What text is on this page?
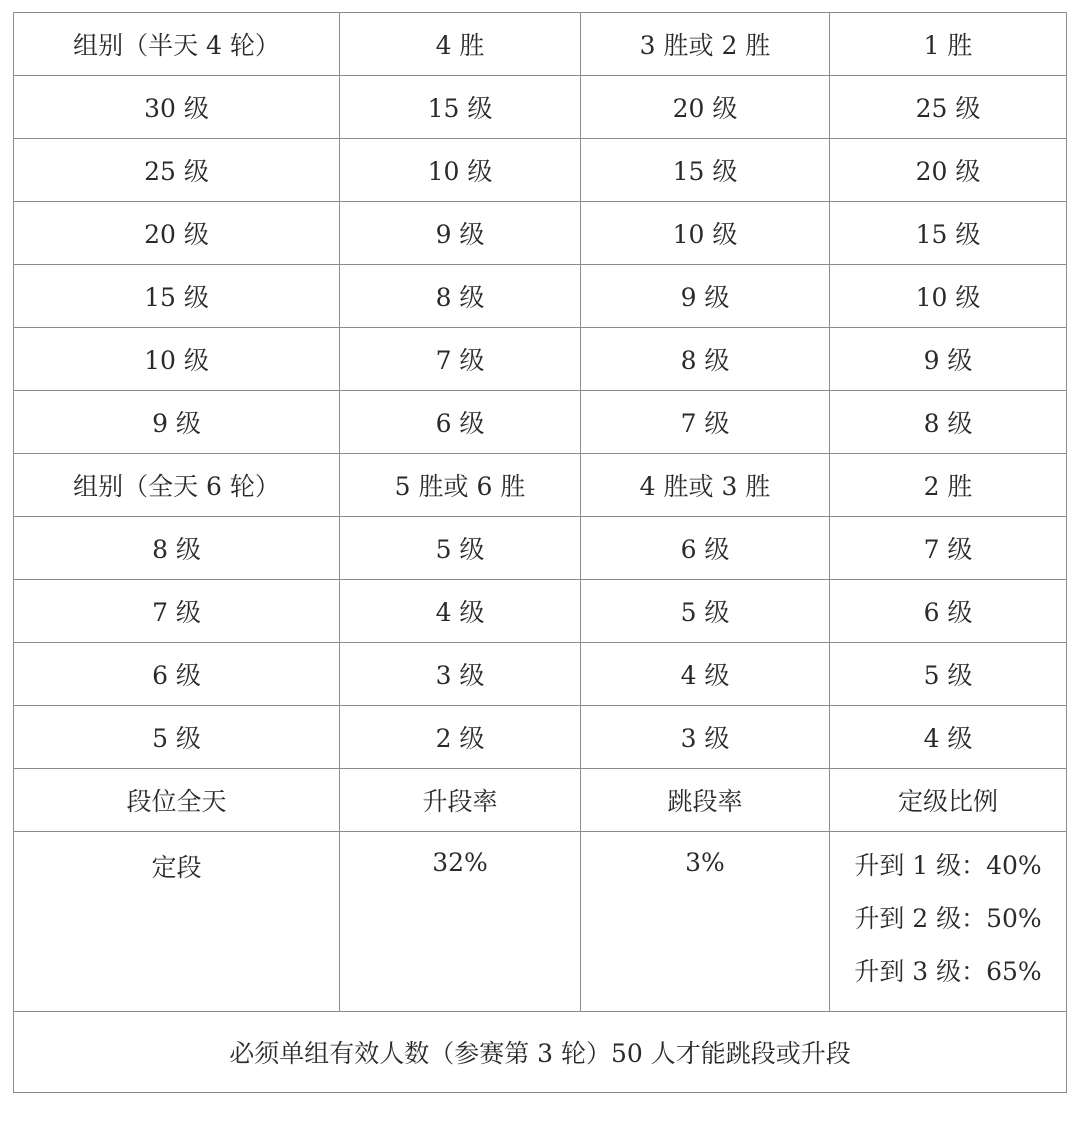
组别（半天 4 轮）	4 胜	3 胜或 2 胜	1 胜
30 级	15 级	20 级	25 级
25 级	10 级	15 级	20 级
20 级	9 级	10 级	15 级
15 级	8 级	9 级	10 级
10 级	7 级	8 级	9 级
9 级	6 级	7 级	8 级
组别（全天 6 轮）	5 胜或 6 胜	4 胜或 3 胜	2 胜
8 级	5 级	6 级	7 级
7 级	4 级	5 级	6 级
6 级	3 级	4 级	5 级
5 级	2 级	3 级	4 级
段位全天	升段率	跳段率	定级比例
定段	32%	3%	升到 1 级：40%
升到 2 级：50%
升到 3 级：65%

必须单组有效人数（参赛第 3 轮）50 人才能跳段或升段			
